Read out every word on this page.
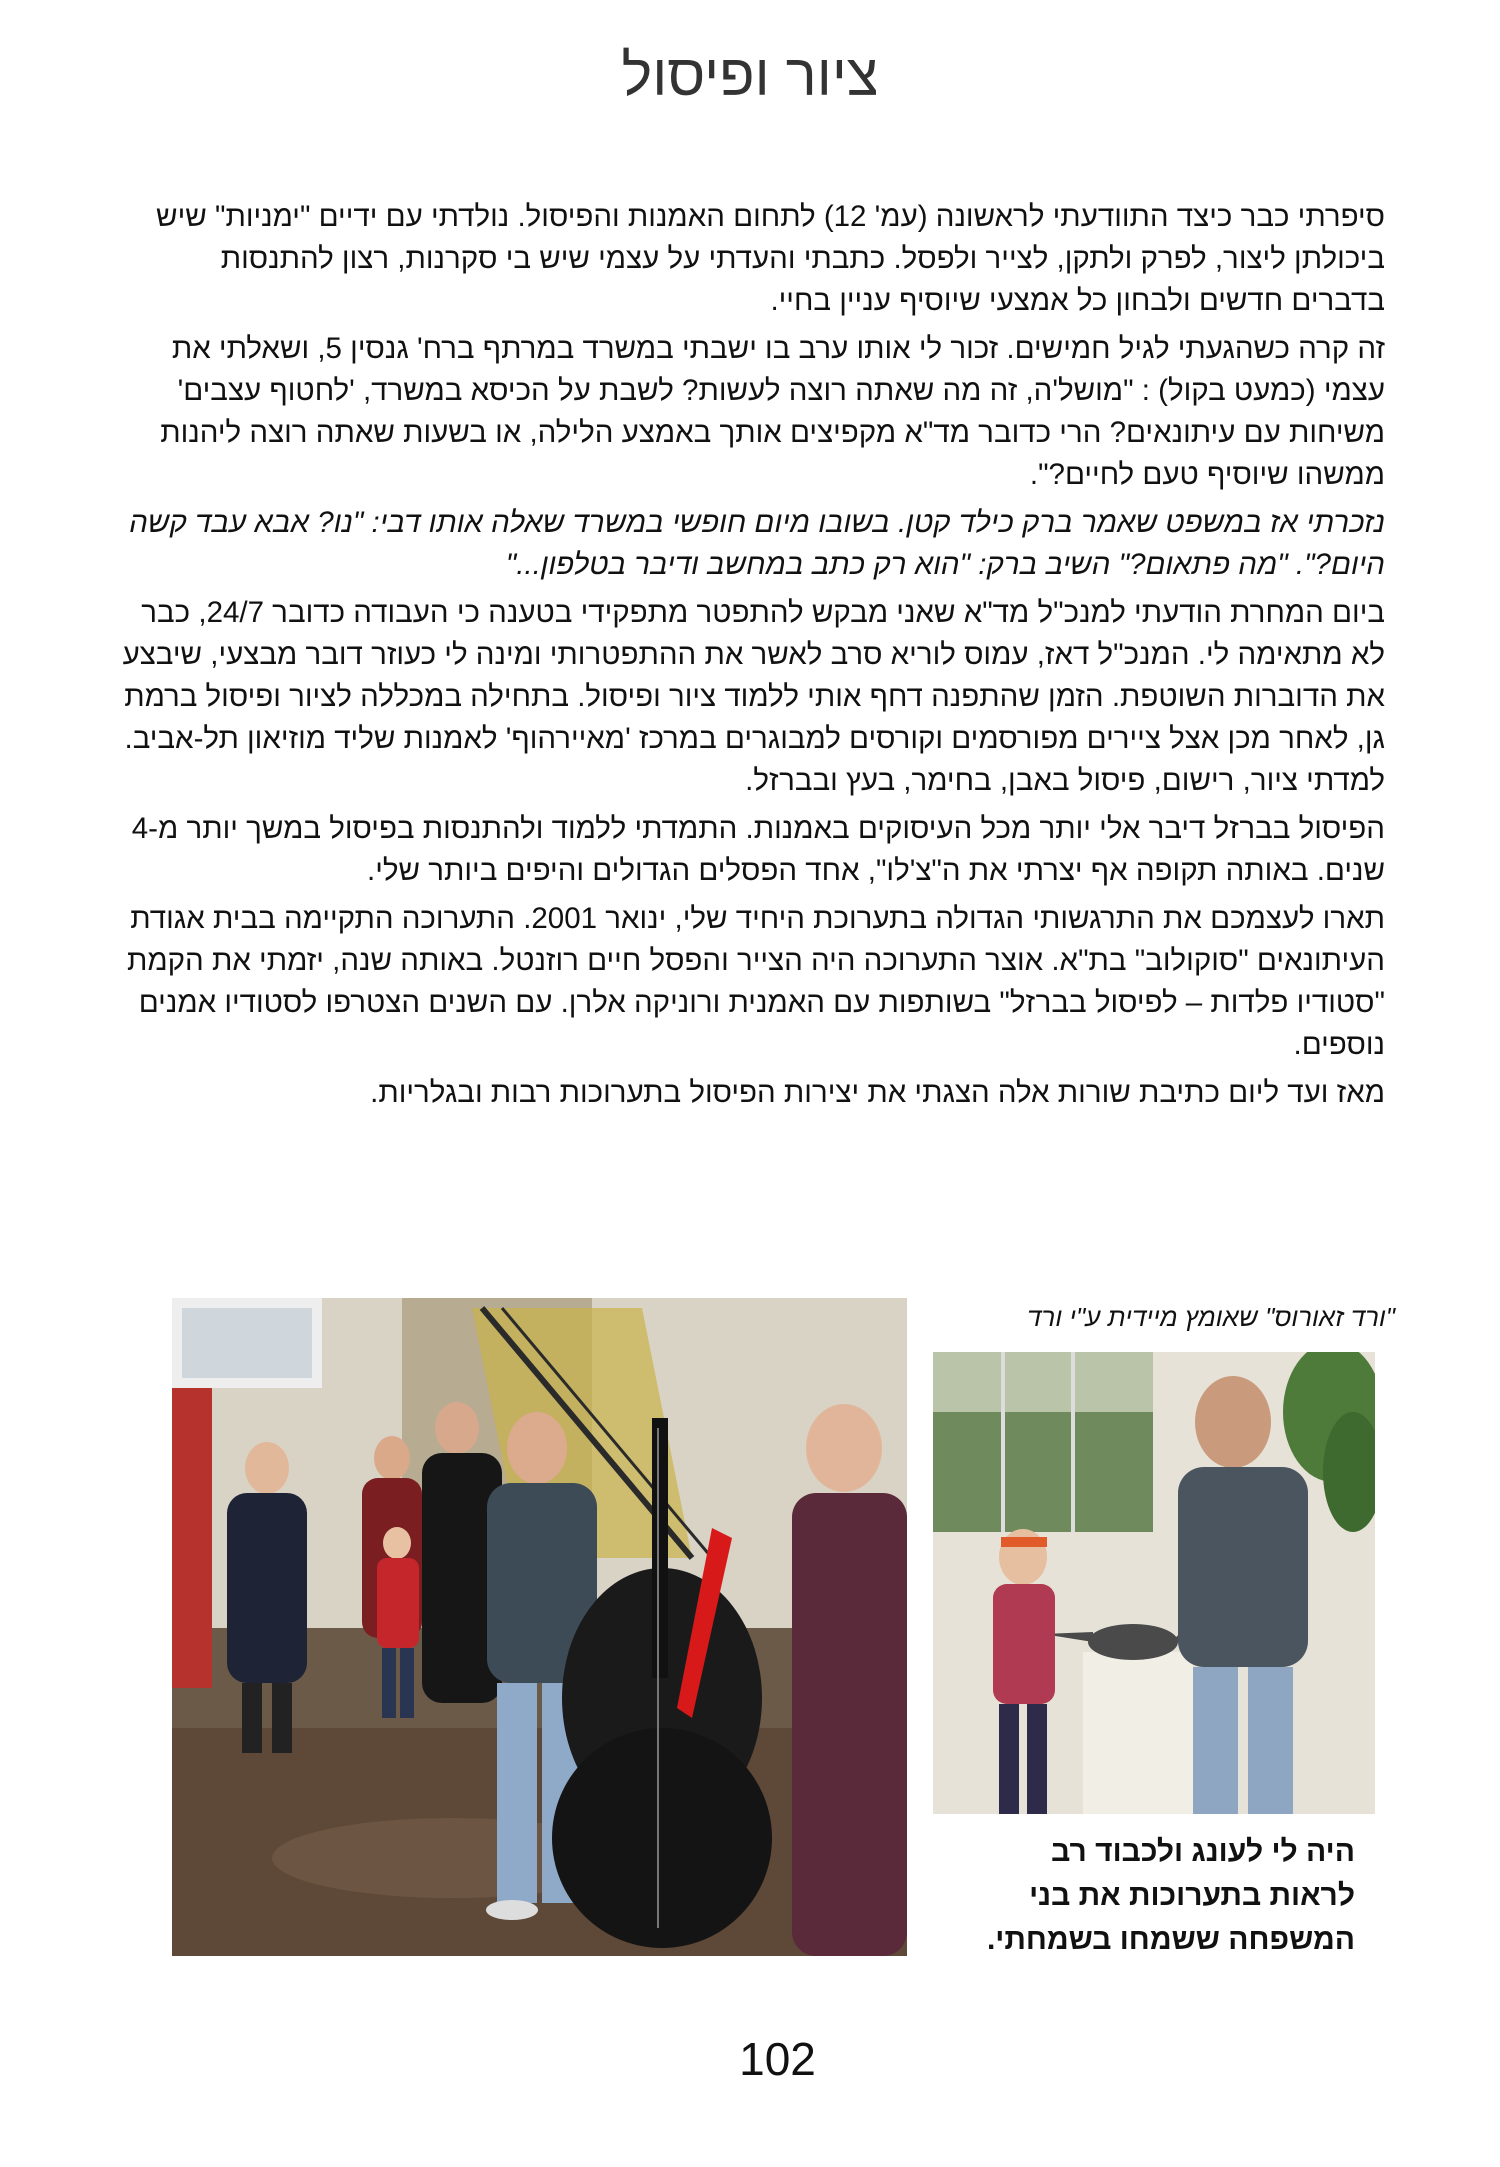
ציור ופיסול

סיפרתי כבר כיצד התוודעתי לראשונה (עמ' 12) לתחום האמנות והפיסול. נולדתי עם ידיים "ימניות" שיש ביכולתן ליצור, לפרק ולתקן, לצייר ולפסל. כתבתי והעדתי על עצמי שיש בי סקרנות, רצון להתנסות בדברים חדשים ולבחון כל אמצעי שיוסיף עניין בחיי.

זה קרה כשהגעתי לגיל חמישים. זכור לי אותו ערב בו ישבתי במשרד במרתף ברח' גנסין 5, ושאלתי את עצמי (כמעט בקול) : "מושל'ה, זה מה שאתה רוצה לעשות? לשבת על הכיסא במשרד, 'לחטוף עצבים' משיחות עם עיתונאים? הרי כדובר מד"א מקפיצים אותך באמצע הלילה, או בשעות שאתה רוצה ליהנות ממשהו שיוסיף טעם לחיים?".

נזכרתי אז במשפט שאמר ברק כילד קטן. בשובו מיום חופשי במשרד שאלה אותו דבי: "נו? אבא עבד קשה היום?". "מה פתאום?" השיב ברק: "הוא רק כתב במחשב ודיבר בטלפון..."

ביום המחרת הודעתי למנכ"ל מד"א שאני מבקש להתפטר מתפקידי בטענה כי העבודה כדובר 24/7, כבר לא מתאימה לי. המנכ"ל דאז, עמוס לוריא סרב לאשר את ההתפטרותי ומינה לי כעוזר דובר מבצעי, שיבצע את הדוברות השוטפת. הזמן שהתפנה דחף אותי ללמוד ציור ופיסול. בתחילה במכללה לציור ופיסול ברמת גן, לאחר מכן אצל ציירים מפורסמים וקורסים למבוגרים במרכז 'מאיירהוף' לאמנות שליד מוזיאון תל-אביב. למדתי ציור, רישום, פיסול באבן, בחימר, בעץ ובברזל.

הפיסול בברזל דיבר אלי יותר מכל העיסוקים באמנות. התמדתי ללמוד ולהתנסות בפיסול במשך יותר מ-4 שנים. באותה תקופה אף יצרתי את ה"צ'לו", אחד הפסלים הגדולים והיפים ביותר שלי.

תארו לעצמכם את התרגשותי הגדולה בתערוכת היחיד שלי, ינואר 2001. התערוכה התקיימה בבית אגודת העיתונאים "סוקולוב" בת"א. אוצר התערוכה היה הצייר והפסל חיים רוזנטל. באותה שנה, יזמתי את הקמת "סטודיו פלדות – לפיסול בברזל" בשותפות עם האמנית ורוניקה אלרן. עם השנים הצטרפו לסטודיו אמנים נוספים.

מאז ועד ליום כתיבת שורות אלה הצגתי את יצירות הפיסול בתערוכות רבות ובגלריות.

"ורד זאורוס" שאומץ מיידית ע"י ורד
היה לי לעונג ולכבוד רב
לראות בתערוכות את בני
המשפחה ששמחו בשמחתי.
102
